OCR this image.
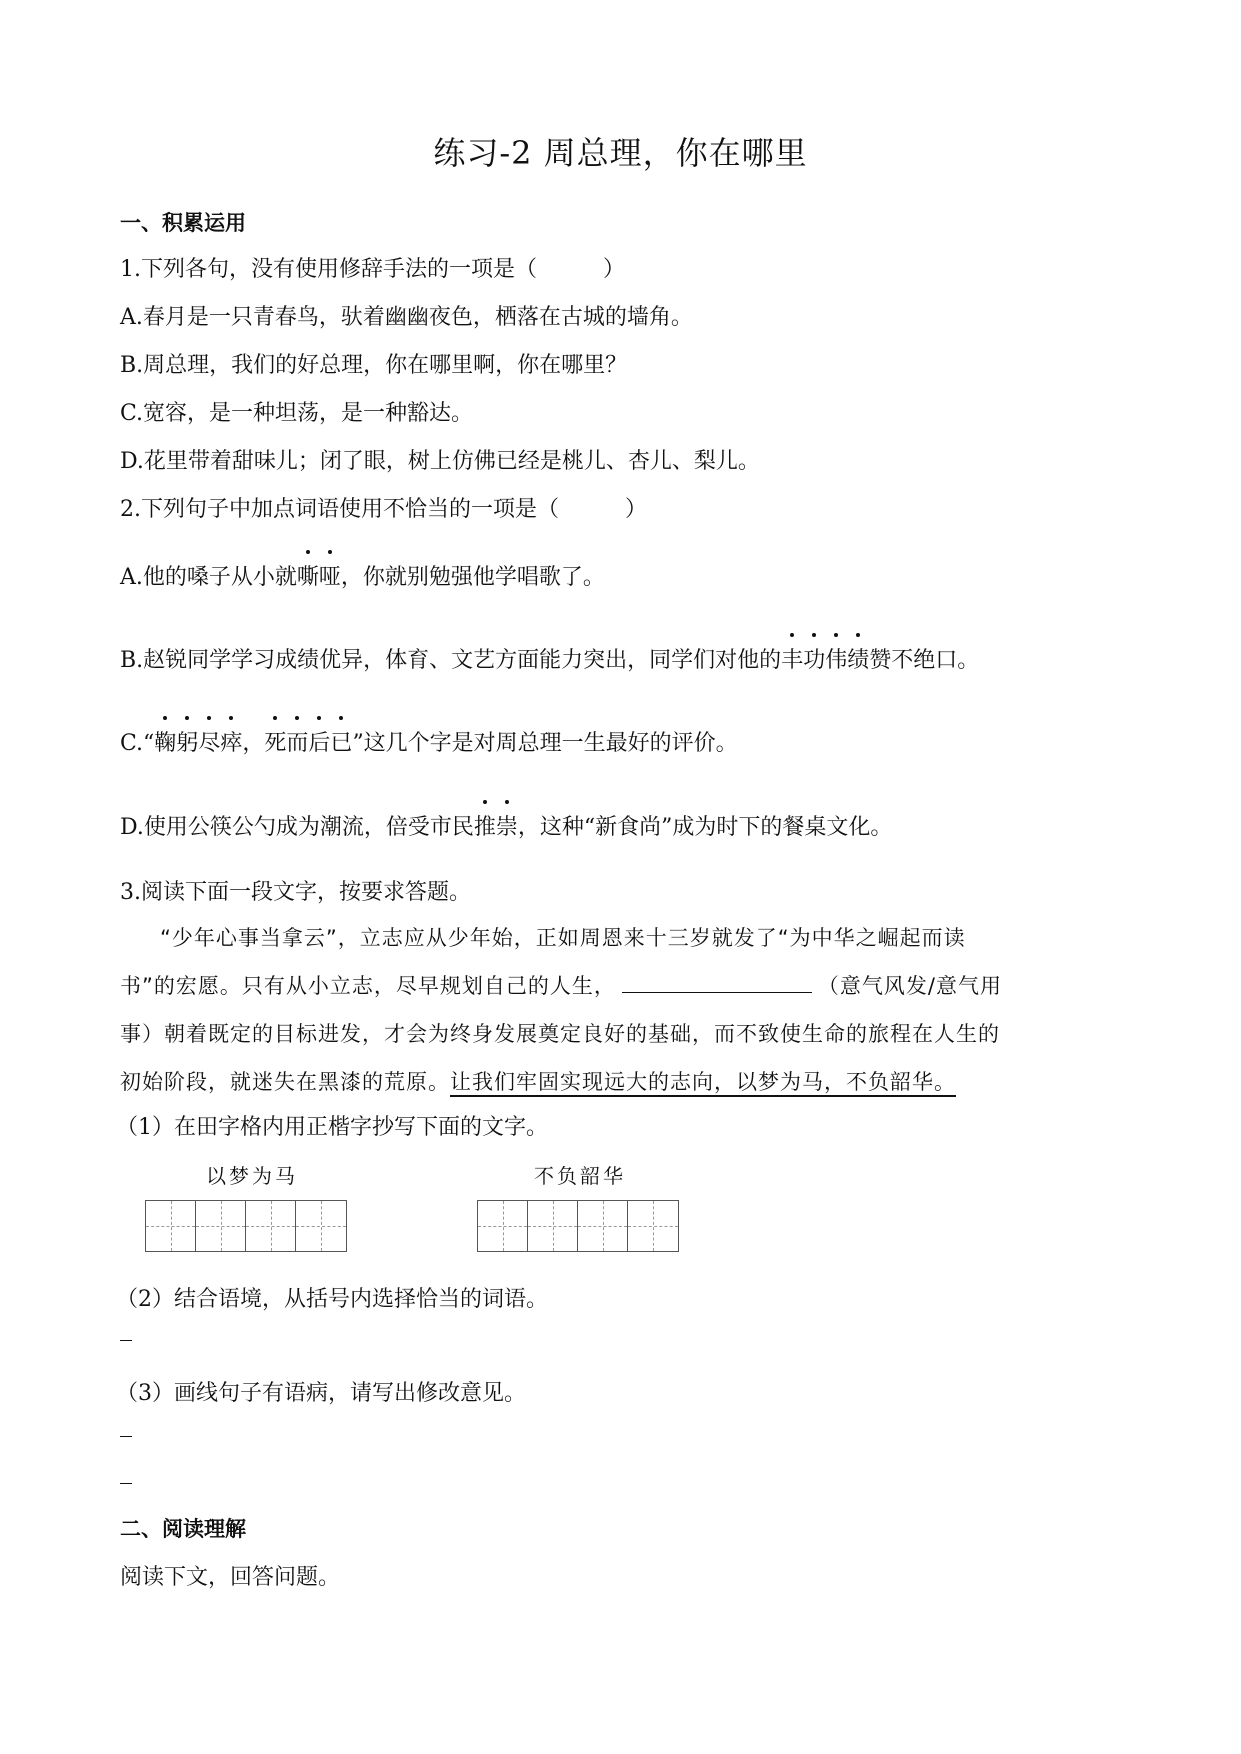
练习-2 周总理，你在哪里
一、积累运用
1.下列各句，没有使用修辞手法的一项是（　　　）
A.春月是一只青春鸟，驮着幽幽夜色，栖落在古城的墙角。
B.周总理，我们的好总理，你在哪里啊，你在哪里？
C.宽容，是一种坦荡，是一种豁达。
D.花里带着甜味儿；闭了眼，树上仿佛已经是桃儿、杏儿、梨儿。
2.下列句子中加点词语使用不恰当的一项是（　　　）
A.他的嗓子从小就嘶哑，你就别勉强他学唱歌了。
B.赵锐同学学习成绩优异，体育、文艺方面能力突出，同学们对他的丰功伟绩赞不绝口。
C.“鞠躬尽瘁，死而后已”这几个字是对周总理一生最好的评价。
D.使用公筷公勺成为潮流，倍受市民推崇，这种“新食尚”成为时下的餐桌文化。
3.阅读下面一段文字，按要求答题。
“少年心事当拿云”，立志应从少年始，正如周恩来十三岁就发了“为中华之崛起而读
书”的宏愿。只有从小立志，尽早规划自己的人生，	（意气风发/意气用
事）朝着既定的目标进发，才会为终身发展奠定良好的基础，而不致使生命的旅程在人生的
初始阶段，就迷失在黑漆的荒原。让我们牢固实现远大的志向，以梦为马，不负韶华。
（1）在田字格内用正楷字抄写下面的文字。
以梦为马	不负韶华
（2）结合语境，从括号内选择恰当的词语。
（3）画线句子有语病，请写出修改意见。
二、阅读理解
阅读下文，回答问题。
